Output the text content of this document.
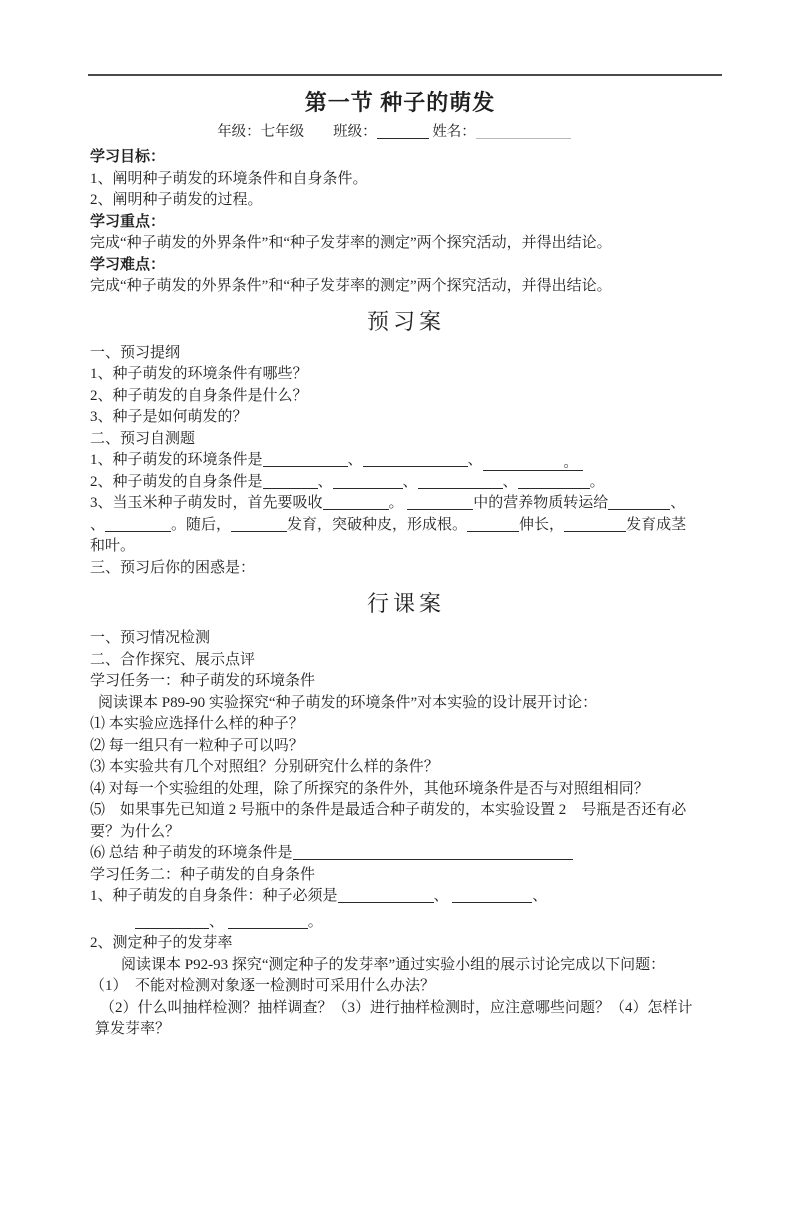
第一节 种子的萌发
年级：七年级　　班级：	姓名：
学习目标：
1、阐明种子萌发的环境条件和自身条件。
2、阐明种子萌发的过程。
学习重点：
完成“种子萌发的外界条件”和“种子发芽率的测定”两个探究活动，并得出结论。
学习难点：
完成“种子萌发的外界条件”和“种子发芽率的测定”两个探究活动，并得出结论。
预习案
一、预习提纲
1、种子萌发的环境条件有哪些？
2、种子萌发的自身条件是什么？
3、种子是如何萌发的？
二、预习自测题
1、种子萌发的环境条件是	、	、	。
2、种子萌发的自身条件是	、	、	、	。
3、当玉米种子萌发时，首先要吸收	。	中的营养物质转运给	、
、	。随后，	发育，突破种皮，形成根。	伸长，	发育成茎
和叶。
三、预习后你的困惑是：
行课案
一、预习情况检测
二、合作探究、展示点评
学习任务一：种子萌发的环境条件
阅读课本 P89-90 实验探究“种子萌发的环境条件”对本实验的设计展开讨论：
⑴ 本实验应选择什么样的种子？
⑵ 每一组只有一粒种子可以吗？
⑶ 本实验共有几个对照组？分别研究什么样的条件？
⑷ 对每一个实验组的处理，除了所探究的条件外，其他环境条件是否与对照组相同？
⑸　如果事先已知道 2 号瓶中的条件是最适合种子萌发的，本实验设置 2　号瓶是否还有必
要？为什么？
⑹ 总结 种子萌发的环境条件是
学习任务二：种子萌发的自身条件
1、种子萌发的自身条件：种子必须是	、	、
、	。
2、测定种子的发芽率
阅读课本 P92-93 探究“测定种子的发芽率”通过实验小组的展示讨论完成以下问题：
（1）　不能对检测对象逐一检测时可采用什么办法？
（2）什么叫抽样检测？抽样调查？（3）进行抽样检测时，应注意哪些问题？（4）怎样计
算发芽率？
